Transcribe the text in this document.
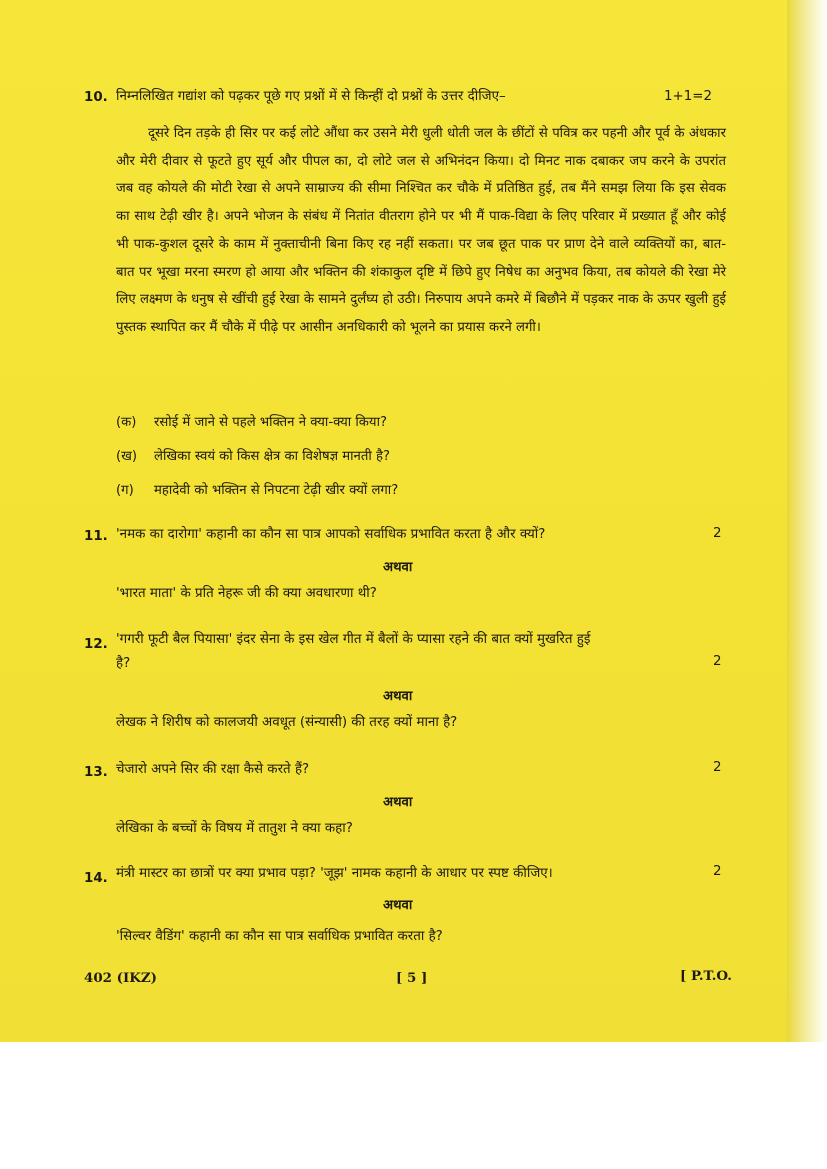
10. निम्नलिखित गद्यांश को पढ़कर पूछे गए प्रश्नों में से किन्हीं दो प्रश्नों के उत्तर दीजिए–	1+1=2
दूसरे दिन तड़के ही सिर पर कई लोटे औंधा कर उसने मेरी धुली धोती जल के छींटों से पवित्र कर पहनी और पूर्व के अंधकार और मेरी दीवार से फूटते हुए सूर्य और पीपल का, दो लोटे जल से अभिनंदन किया। दो मिनट नाक दबाकर जप करने के उपरांत जब वह कोयले की मोटी रेखा से अपने साम्राज्य की सीमा निश्चित कर चौके में प्रतिष्ठित हुई, तब मैंने समझ लिया कि इस सेवक का साथ टेढ़ी खीर है। अपने भोजन के संबंध में नितांत वीतराग होने पर भी मैं पाक-विद्या के लिए परिवार में प्रख्यात हूँ और कोई भी पाक-कुशल दूसरे के काम में नुक्ताचीनी बिना किए रह नहीं सकता। पर जब छूत पाक पर प्राण देने वाले व्यक्तियों का, बात-बात पर भूखा मरना स्मरण हो आया और भक्तिन की शंकाकुल दृष्टि में छिपे हुए निषेध का अनुभव किया, तब कोयले की रेखा मेरे लिए लक्ष्मण के धनुष से खींची हुई रेखा के सामने दुर्लंघ्य हो उठी। निरुपाय अपने कमरे में बिछौने में पड़कर नाक के ऊपर खुली हुई पुस्तक स्थापित कर मैं चौके में पीढ़े पर आसीन अनधिकारी को भूलने का प्रयास करने लगी।
(क) रसोई में जाने से पहले भक्तिन ने क्या-क्या किया?
(ख) लेखिका स्वयं को किस क्षेत्र का विशेषज्ञ मानती है?
(ग) महादेवी को भक्तिन से निपटना टेढ़ी खीर क्यों लगा?
11. 'नमक का दारोगा' कहानी का कौन सा पात्र आपको सर्वाधिक प्रभावित करता है और क्यों?	2
अथवा
'भारत माता' के प्रति नेहरू जी की क्या अवधारणा थी?
12. 'गगरी फूटी बैल पियासा' इंदर सेना के इस खेल गीत में बैलों के प्यासा रहने की बात क्यों मुखरित हुई
है?	2
अथवा
लेखक ने शिरीष को कालजयी अवधूत (संन्यासी) की तरह क्यों माना है?
13. चेजारो अपने सिर की रक्षा कैसे करते हैं?	2
अथवा
लेखिका के बच्चों के विषय में तातुश ने क्या कहा?
14. मंत्री मास्टर का छात्रों पर क्या प्रभाव पड़ा? 'जूझ' नामक कहानी के आधार पर स्पष्ट कीजिए।	2
अथवा
'सिल्वर वैडिंग' कहानी का कौन सा पात्र सर्वाधिक प्रभावित करता है?
402 (IKZ)	[ 5 ]	[ P.T.O.
